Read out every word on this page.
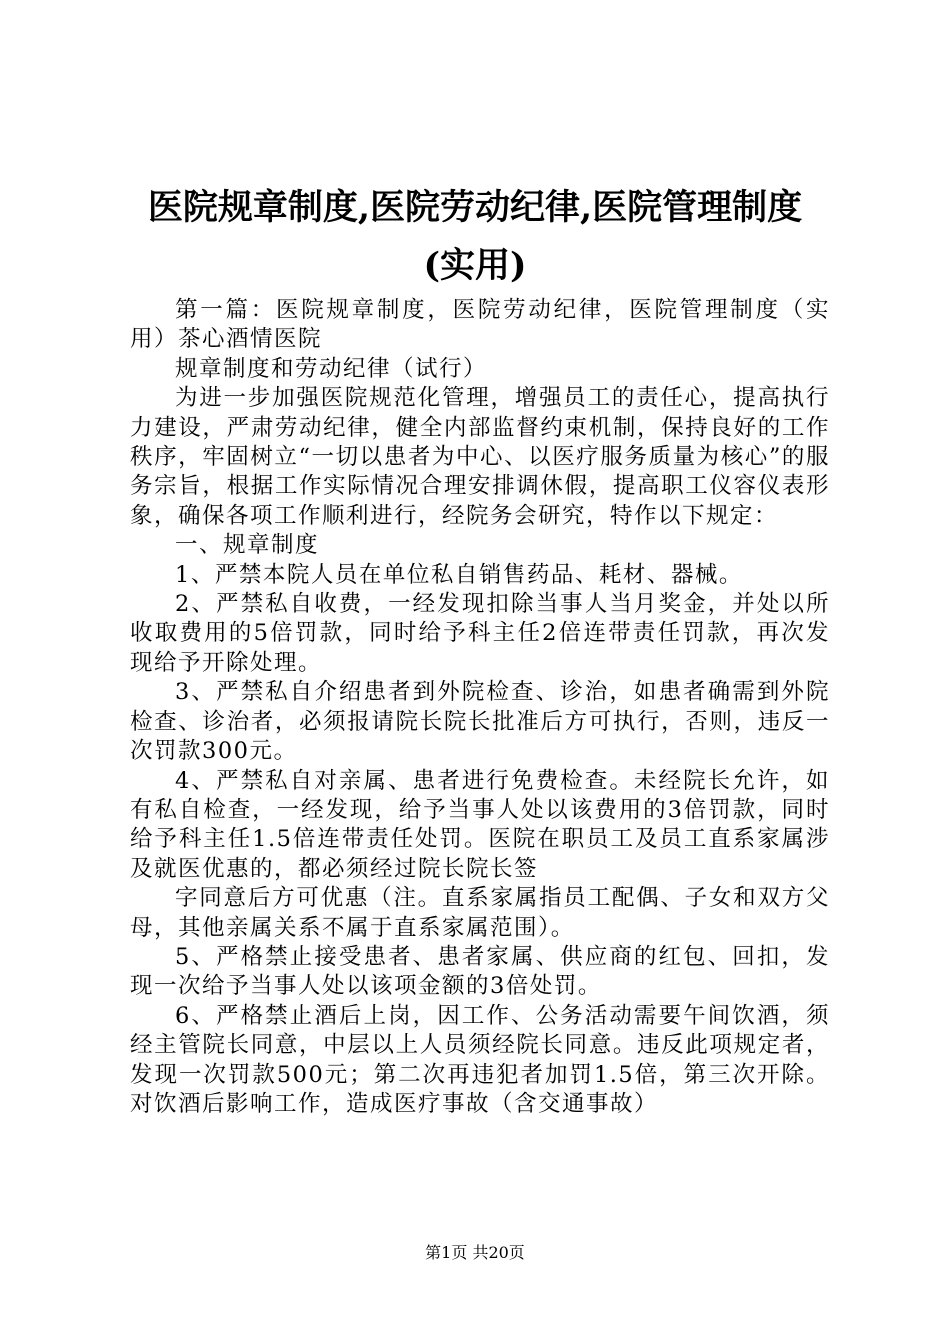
医院规章制度,医院劳动纪律,医院管理制度
(实用)

第一篇：医院规章制度，医院劳动纪律，医院管理制度（实用）茶心酒情医院

规章制度和劳动纪律（试行）

为进一步加强医院规范化管理，增强员工的责任心，提高执行力建设，严肃劳动纪律，健全内部监督约束机制，保持良好的工作秩序，牢固树立“一切以患者为中心、以医疗服务质量为核心”的服务宗旨，根据工作实际情况合理安排调休假，提高职工仪容仪表形象，确保各项工作顺利进行，经院务会研究，特作以下规定：

一、规章制度

1、严禁本院人员在单位私自销售药品、耗材、器械。

2、严禁私自收费，一经发现扣除当事人当月奖金，并处以所收取费用的5倍罚款，同时给予科主任2倍连带责任罚款，再次发现给予开除处理。

3、严禁私自介绍患者到外院检查、诊治，如患者确需到外院检查、诊治者，必须报请院长院长批准后方可执行，否则，违反一次罚款300元。

4、严禁私自对亲属、患者进行免费检查。未经院长允许，如有私自检查，一经发现，给予当事人处以该费用的3倍罚款，同时给予科主任1.5倍连带责任处罚。医院在职员工及员工直系家属涉及就医优惠的，都必须经过院长院长签

字同意后方可优惠（注。直系家属指员工配偶、子女和双方父母，其他亲属关系不属于直系家属范围）。

5、严格禁止接受患者、患者家属、供应商的红包、回扣，发现一次给予当事人处以该项金额的3倍处罚。

6、严格禁止酒后上岗，因工作、公务活动需要午间饮酒，须经主管院长同意，中层以上人员须经院长同意。违反此项规定者，发现一次罚款500元；第二次再违犯者加罚1.5倍，第三次开除。对饮酒后影响工作，造成医疗事故（含交通事故）

第1页 共20页
